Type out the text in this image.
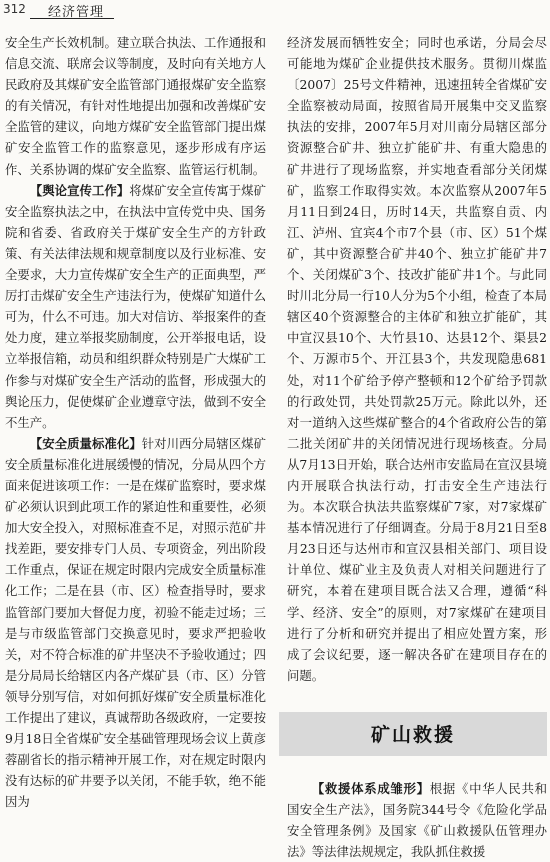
312 经济管理

安全生产长效机制。建立联合执法、工作通报和信息交流、联席会议等制度，及时向有关地方人民政府及其煤矿安全监管部门通报煤矿安全监察的有关情况，有针对性地提出加强和改善煤矿安全监管的建议，向地方煤矿安全监管部门提出煤矿安全监管工作的监察意见，逐步形成有序运作、关系协调的煤矿安全监察、监管运行机制。

【舆论宣传工作】将煤矿安全宣传寓于煤矿安全监察执法之中，在执法中宣传党中央、国务院和省委、省政府关于煤矿安全生产的方针政策、有关法律法规和规章制度以及行业标准、安全要求，大力宣传煤矿安全生产的正面典型，严厉打击煤矿安全生产违法行为，使煤矿知道什么可为，什么不可违。加大对信访、举报案件的查处力度，建立举报奖励制度，公开举报电话，设立举报信箱，动员和组织群众特别是广大煤矿工作参与对煤矿安全生产活动的监督，形成强大的舆论压力，促使煤矿企业遵章守法，做到不安全不生产。

【安全质量标准化】针对川西分局辖区煤矿安全质量标准化进展缓慢的情况，分局从四个方面来促进该项工作：一是在煤矿监察时，要求煤矿必须认识到此项工作的紧迫性和重要性，必须加大安全投入，对照标准查不足，对照示范矿井找差距，要安排专门人员、专项资金，列出阶段工作重点，保证在规定时限内完成安全质量标准化工作；二是在县（市、区）检查指导时，要求监管部门要加大督促力度，初验不能走过场；三是与市级监管部门交换意见时，要求严把验收关，对不符合标准的矿井坚决不予验收通过；四是分局局长给辖区内各产煤矿县（市、区）分管领导分别写信，对如何抓好煤矿安全质量标准化工作提出了建议，真诚帮助各级政府，一定要按9月18日全省煤矿安全基础管理现场会议上黄彦蓉副省长的指示精神开展工作，对在规定时限内没有达标的矿井要予以关闭，不能手软，绝不能因为

经济发展而牺牲安全；同时也承诺，分局会尽可能地为煤矿企业提供技术服务。贯彻川煤监〔2007〕25号文件精神，迅速扭转全省煤矿安全监察被动局面，按照省局开展集中交叉监察执法的安排，2007年5月对川南分局辖区部分资源整合矿井、独立扩能矿井、有重大隐患的矿井进行了现场监察，并实地查看部分关闭煤矿，监察工作取得实效。本次监察从2007年5月11日到24日，历时14天，共监察自贡、内江、泸州、宜宾4个市7个县（市、区）51个煤矿，其中资源整合矿井40个、独立扩能矿井7个、关闭煤矿3个、技改扩能矿井1个。与此同时川北分局一行10人分为5个小组，检查了本局辖区40个资源整合的主体矿和独立扩能矿，其中宣汉县10个、大竹县10、达县12个、渠县2个、万源市5个、开江县3个，共发现隐患681处，对11个矿给予停产整顿和12个矿给予罚款的行政处罚，共处罚款25万元。除此以外，还对一道纳入这些煤矿整合的4个省政府公告的第二批关闭矿井的关闭情况进行现场核查。分局从7月13日开始，联合达州市安监局在宣汉县境内开展联合执法行动，打击安全生产违法行为。本次联合执法共监察煤矿7家，对7家煤矿基本情况进行了仔细调查。分局于8月21日至8月23日还与达州市和宣汉县相关部门、项目设计单位、煤矿业主及负责人对相关问题进行了研究，本着在建项目既合法又合理，遵循“科学、经济、安全”的原则，对7家煤矿在建项目进行了分析和研究并提出了相应处置方案，形成了会议纪要，逐一解决各矿在建项目存在的问题。

矿山救援

【救援体系成雏形】根据《中华人民共和国安全生产法》，国务院344号令《危险化学品安全管理条例》及国家《矿山救援队伍管理办法》等法律法规规定，我队抓住救援
